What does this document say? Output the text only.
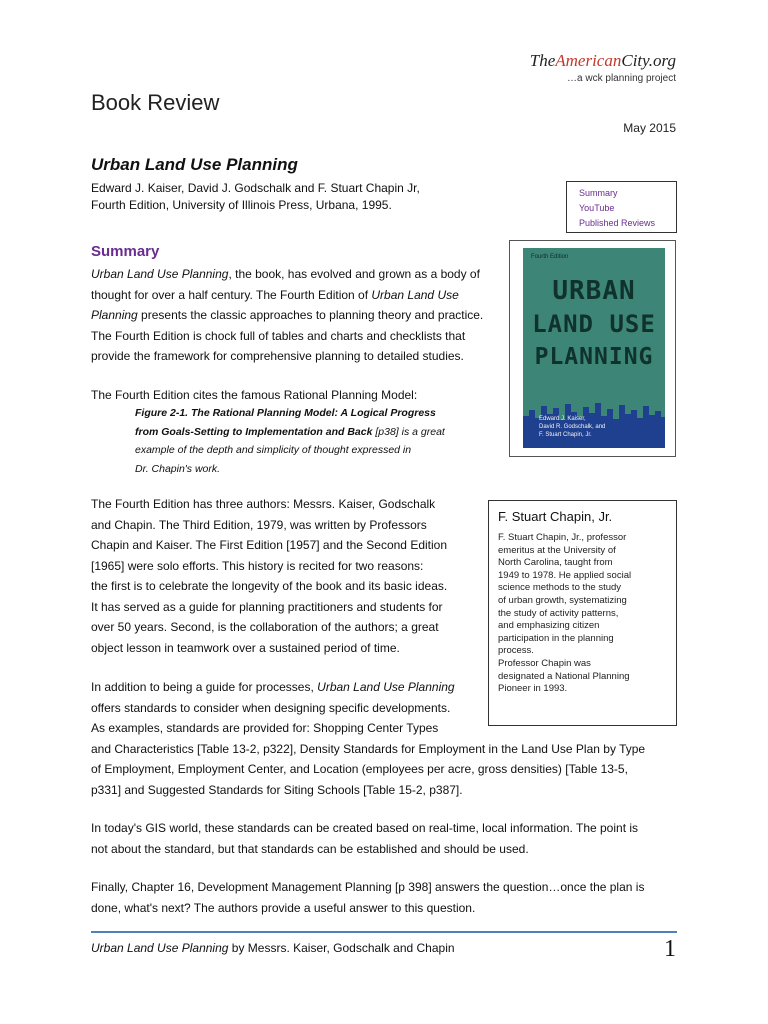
TheAmericanCity.org
…a wck planning project
Book Review
May 2015
Urban Land Use Planning
Edward J. Kaiser, David J. Godschalk and F. Stuart Chapin Jr,
Fourth Edition, University of Illinois Press, Urbana, 1995.
Summary
YouTube
Published Reviews
Summary
Urban Land Use Planning, the book, has evolved and grown as a body of
thought for over a half century. The Fourth Edition of Urban Land Use
Planning presents the classic approaches to planning theory and practice.
The Fourth Edition is chock full of tables and charts and checklists that
provide the framework for comprehensive planning to detailed studies.
The Fourth Edition cites the famous Rational Planning Model:
Figure 2-1. The Rational Planning Model: A Logical Progress
from Goals-Setting to Implementation and Back [p38] is a great
example of the depth and simplicity of thought expressed in
Dr. Chapin's work.
The Fourth Edition has three authors: Messrs. Kaiser, Godschalk
and Chapin. The Third Edition, 1979, was written by Professors
Chapin and Kaiser. The First Edition [1957] and the Second Edition
[1965] were solo efforts. This history is recited for two reasons:
the first is to celebrate the longevity of the book and its basic ideas.
It has served as a guide for planning practitioners and students for
over 50 years. Second, is the collaboration of the authors; a great
object lesson in teamwork over a sustained period of time.
In addition to being a guide for processes, Urban Land Use Planning
offers standards to consider when designing specific developments.
As examples, standards are provided for: Shopping Center Types
and Characteristics [Table 13-2, p322], Density Standards for Employment in the Land Use Plan by Type
of Employment, Employment Center, and Location (employees per acre, gross densities) [Table 13-5,
p331] and Suggested Standards for Siting Schools [Table 15-2, p387].
In today's GIS world, these standards can be created based on real-time, local information. The point is
not about the standard, but that standards can be established and should be used.
Finally, Chapter 16, Development Management Planning [p 398] answers the question…once the plan is
done, what's next? The authors provide a useful answer to this question.
Fourth Edition
URBAN
LAND USE
PLANNING
Edward J. Kaiser,
David R. Godschalk, and
F. Stuart Chapin, Jr.
F. Stuart Chapin, Jr.
F. Stuart Chapin, Jr., professor
emeritus at the University of
North Carolina, taught from
1949 to 1978. He applied social
science methods to the study
of urban growth, systematizing
the study of activity patterns,
and emphasizing citizen
participation in the planning
process.
Professor Chapin was
designated a National Planning
Pioneer in 1993.
Urban Land Use Planning by Messrs. Kaiser, Godschalk and Chapin	1
